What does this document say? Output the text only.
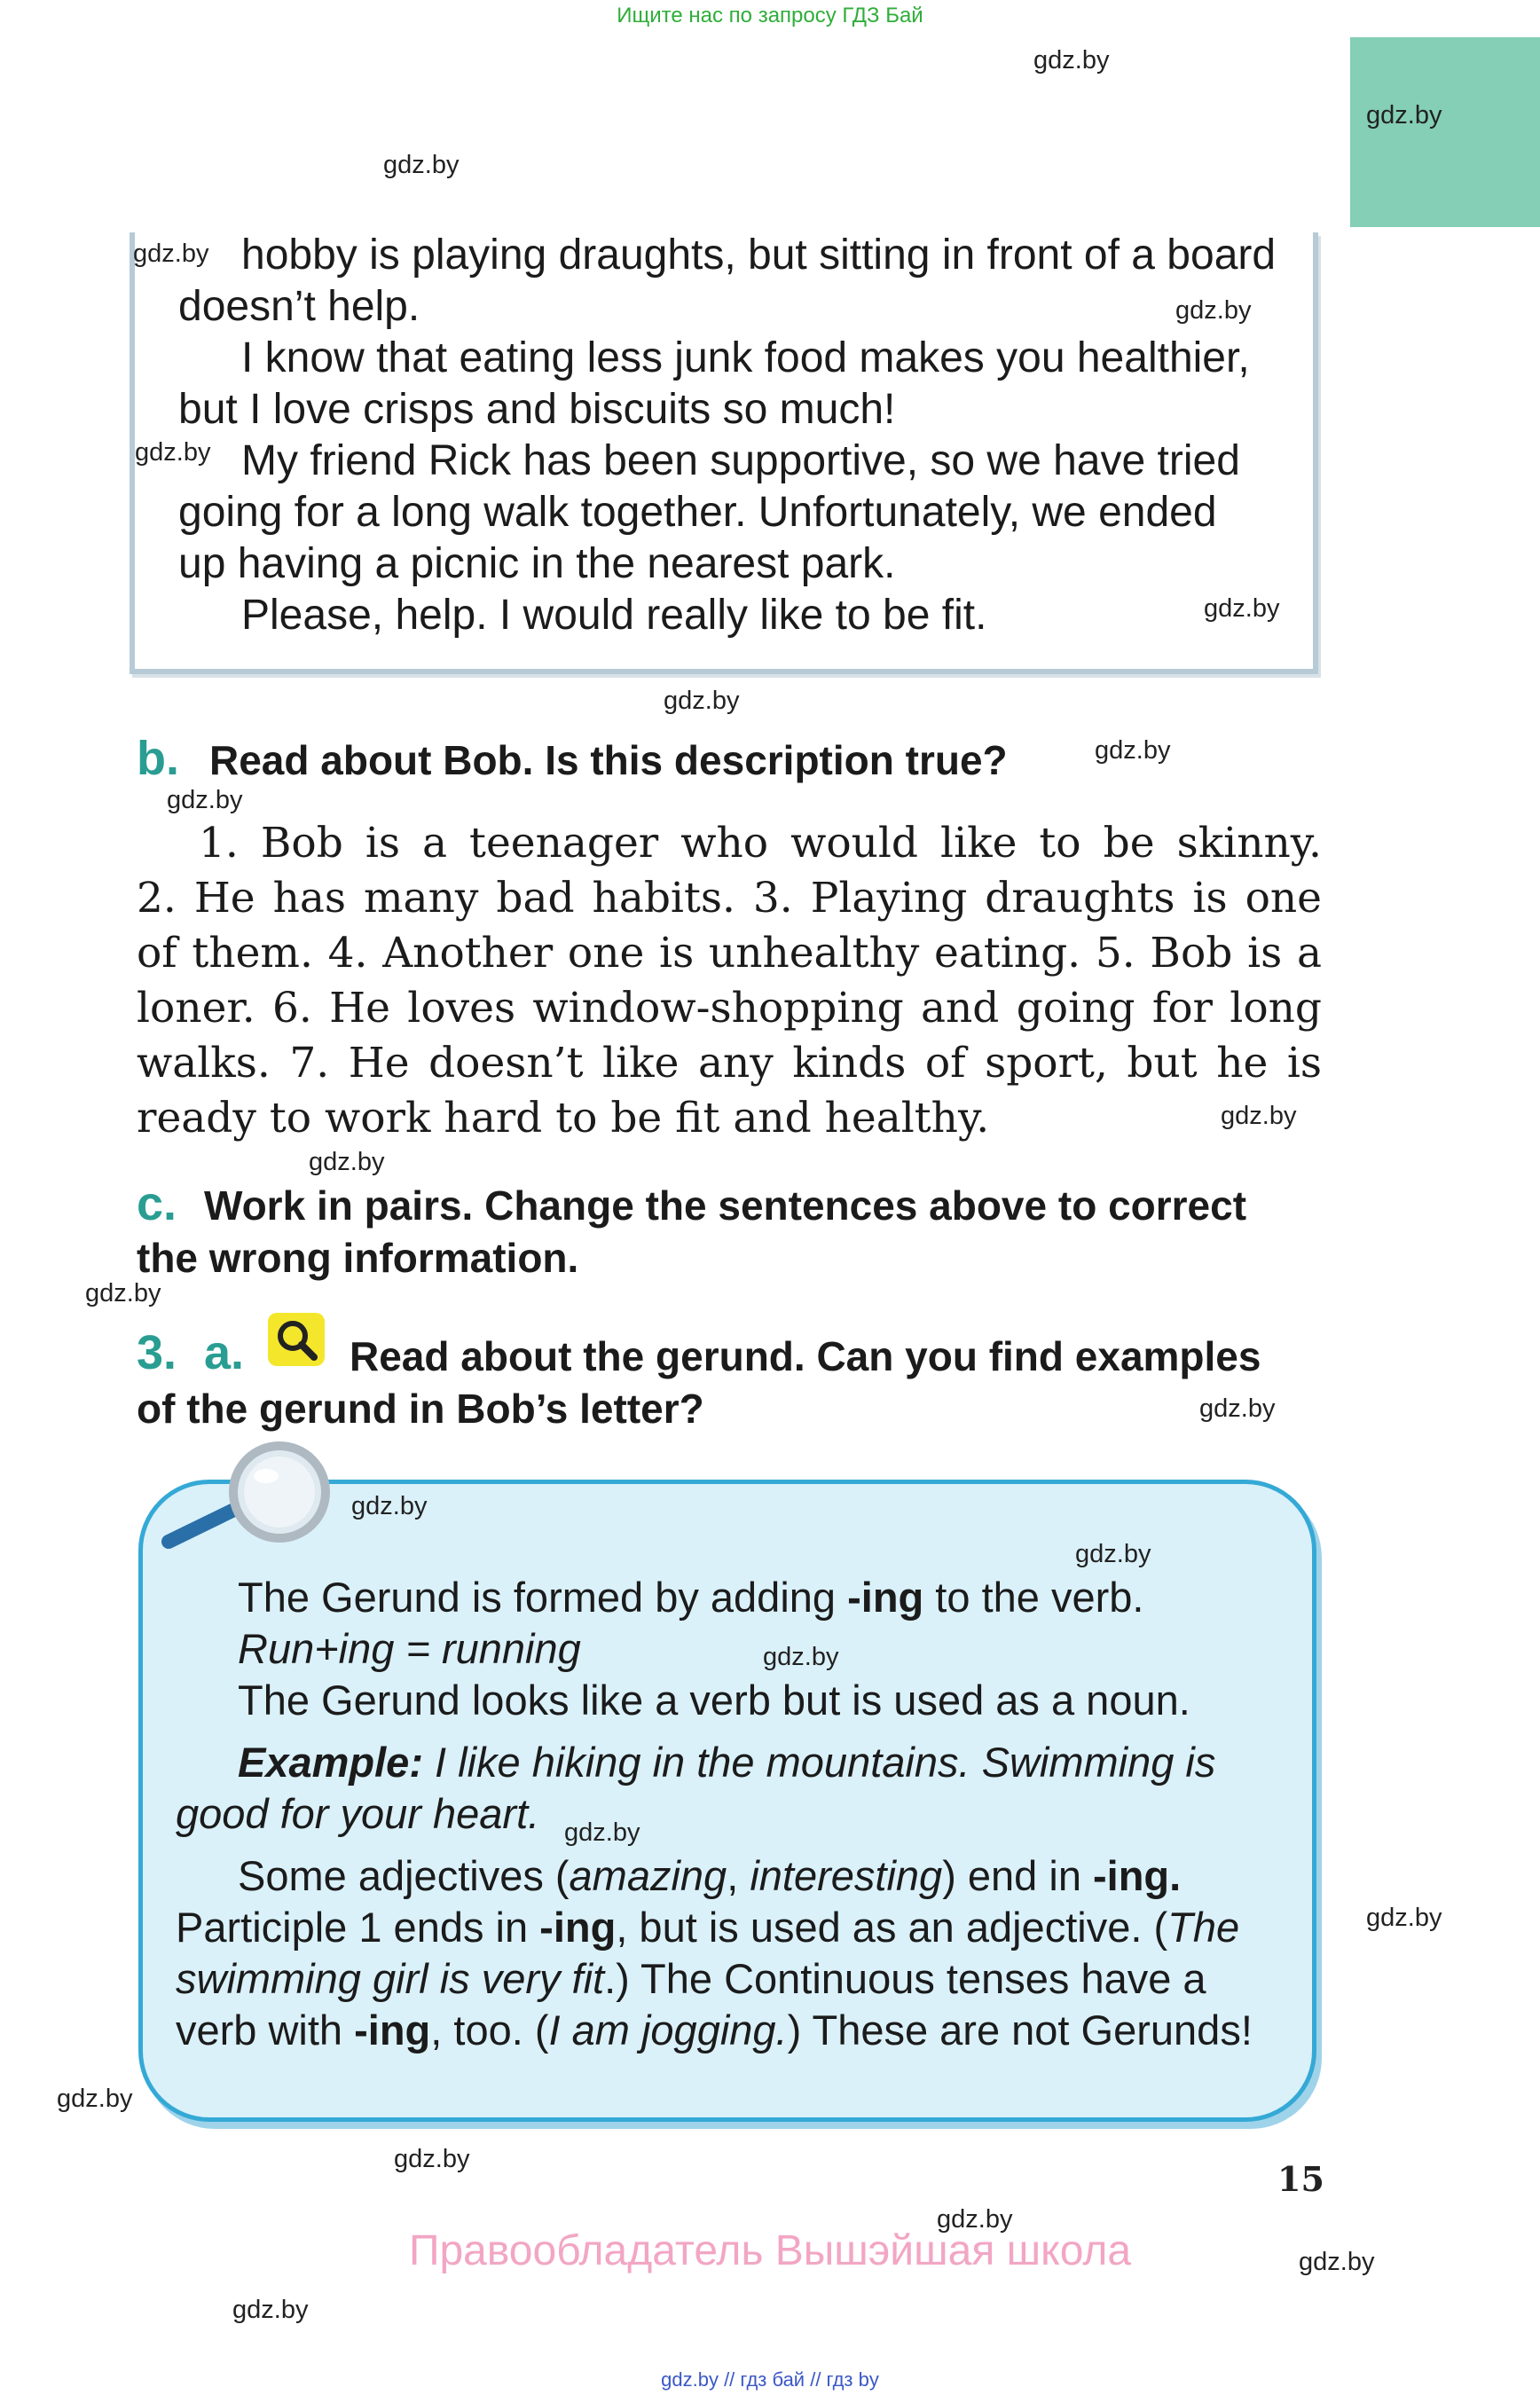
Ищите нас по запросу ГДЗ Бай
hobby is playing draughts, but sitting in front of a board
doesn’t help.
I know that eating less junk food makes you healthier,
but I love crisps and biscuits so much!
My friend Rick has been supportive, so we have tried
going for a long walk together. Unfortunately, we ended
up having a picnic in the nearest park.
Please, help. I would really like to be fit.
b. Read about Bob. Is this description true?
1. Bob is a teenager who would like to be skinny.
2. He has many bad habits. 3. Playing draughts is one
of them. 4. Another one is unhealthy eating. 5. Bob is a
loner. 6. He loves window-shopping and going for long
walks. 7. He doesn’t like any kinds of sport, but he is
ready to work hard to be fit and healthy.
c. Work in pairs. Change the sentences above to correct
the wrong information.
3. a.	Read about the gerund. Can you find examples
of the gerund in Bob’s letter?
The Gerund is formed by adding -ing to the verb.
Run+ing = running
The Gerund looks like a verb but is used as a noun.
Example: I like hiking in the mountains. Swimming is
good for your heart.
Some adjectives (amazing, interesting) end in -ing.
Participle 1 ends in -ing, but is used as an adjective. (The
swimming girl is very fit.) The Continuous tenses have a
verb with -ing, too. (I am jogging.) These are not Gerunds!
15
Правообладатель Вышэйшая школа
gdz.by // гдз бай // гдз by
gdz.by
gdz.by
gdz.by
gdz.by
gdz.by
gdz.by
gdz.by
gdz.by
gdz.by
gdz.by
gdz.by
gdz.by
gdz.by
gdz.by
gdz.by
gdz.by
gdz.by
gdz.by
gdz.by
gdz.by
gdz.by
gdz.by
gdz.by
gdz.by
